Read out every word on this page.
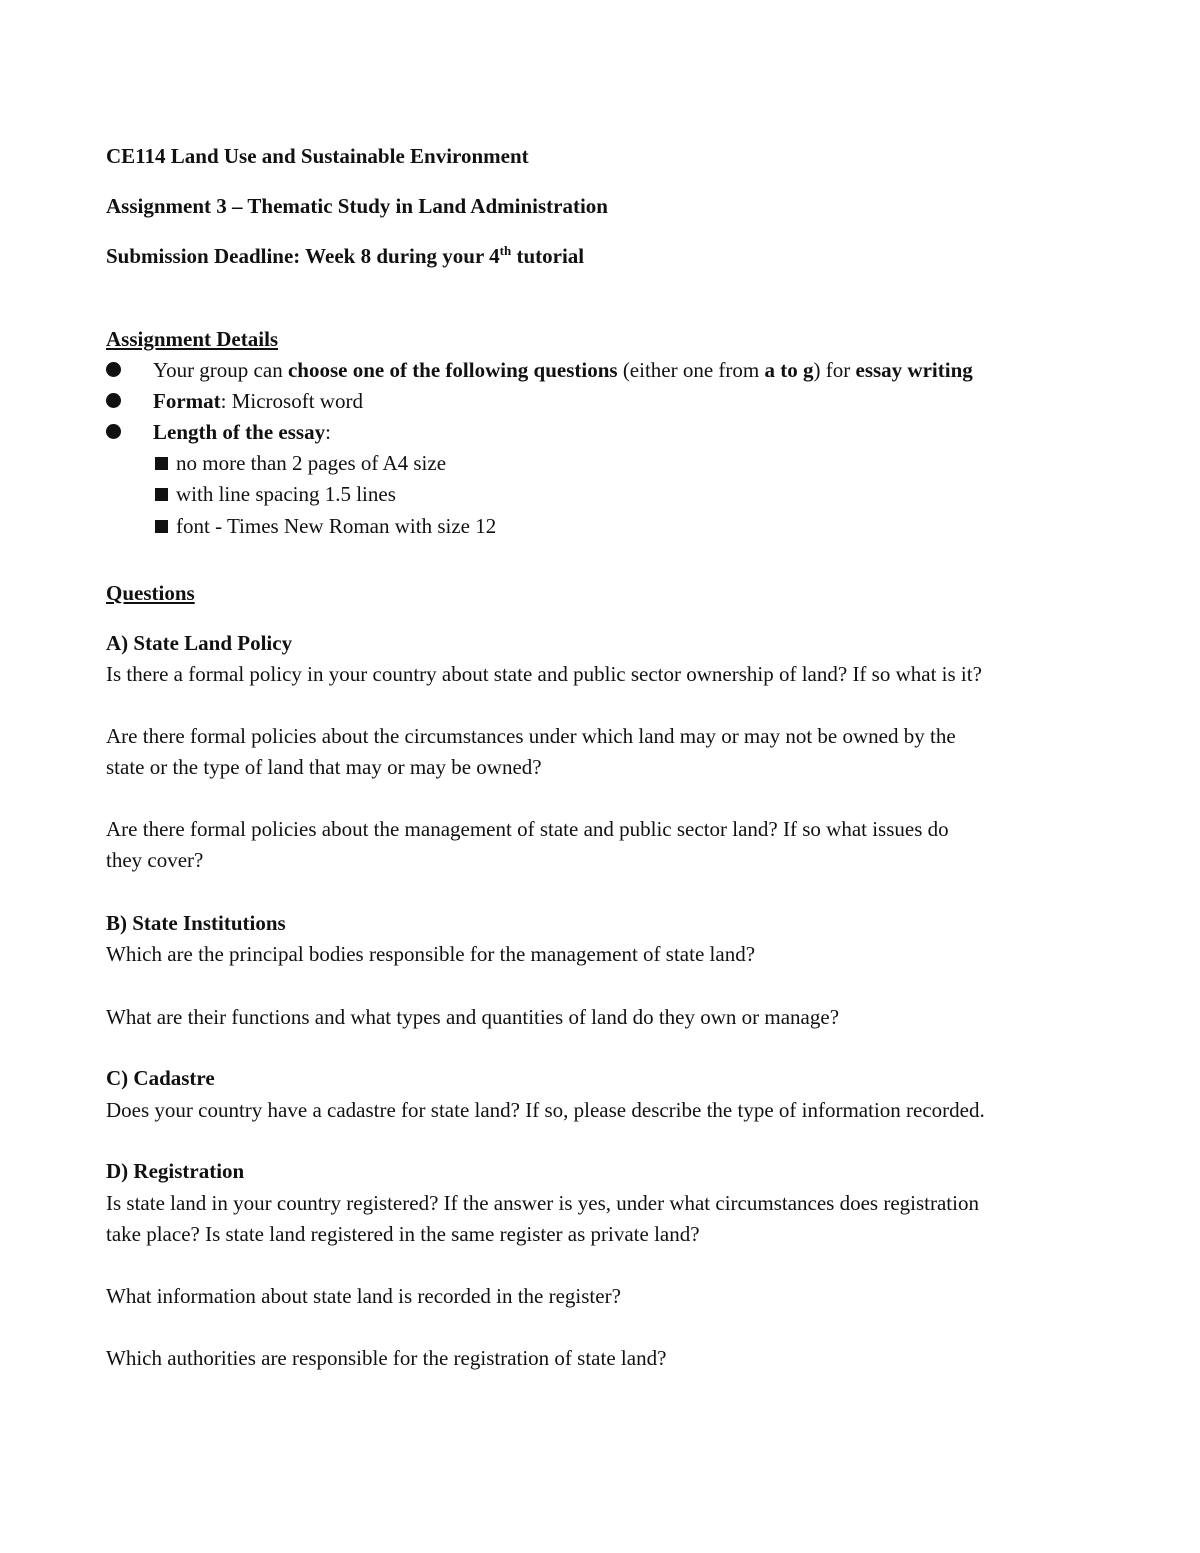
CE114 Land Use and Sustainable Environment
Assignment 3 – Thematic Study in Land Administration
Submission Deadline: Week 8 during your 4th tutorial
Assignment Details
Your group can choose one of the following questions (either one from a to g) for essay writing
Format: Microsoft word
Length of the essay:
no more than 2 pages of A4 size
with line spacing 1.5 lines
font - Times New Roman with size 12
Questions
A) State Land Policy
Is there a formal policy in your country about state and public sector ownership of land? If so what is it?
Are there formal policies about the circumstances under which land may or may not be owned by the
state or the type of land that may or may be owned?
Are there formal policies about the management of state and public sector land? If so what issues do
they cover?
B) State Institutions
Which are the principal bodies responsible for the management of state land?
What are their functions and what types and quantities of land do they own or manage?
C) Cadastre
Does your country have a cadastre for state land? If so, please describe the type of information recorded.
D) Registration
Is state land in your country registered? If the answer is yes, under what circumstances does registration
take place? Is state land registered in the same register as private land?
What information about state land is recorded in the register?
Which authorities are responsible for the registration of state land?
